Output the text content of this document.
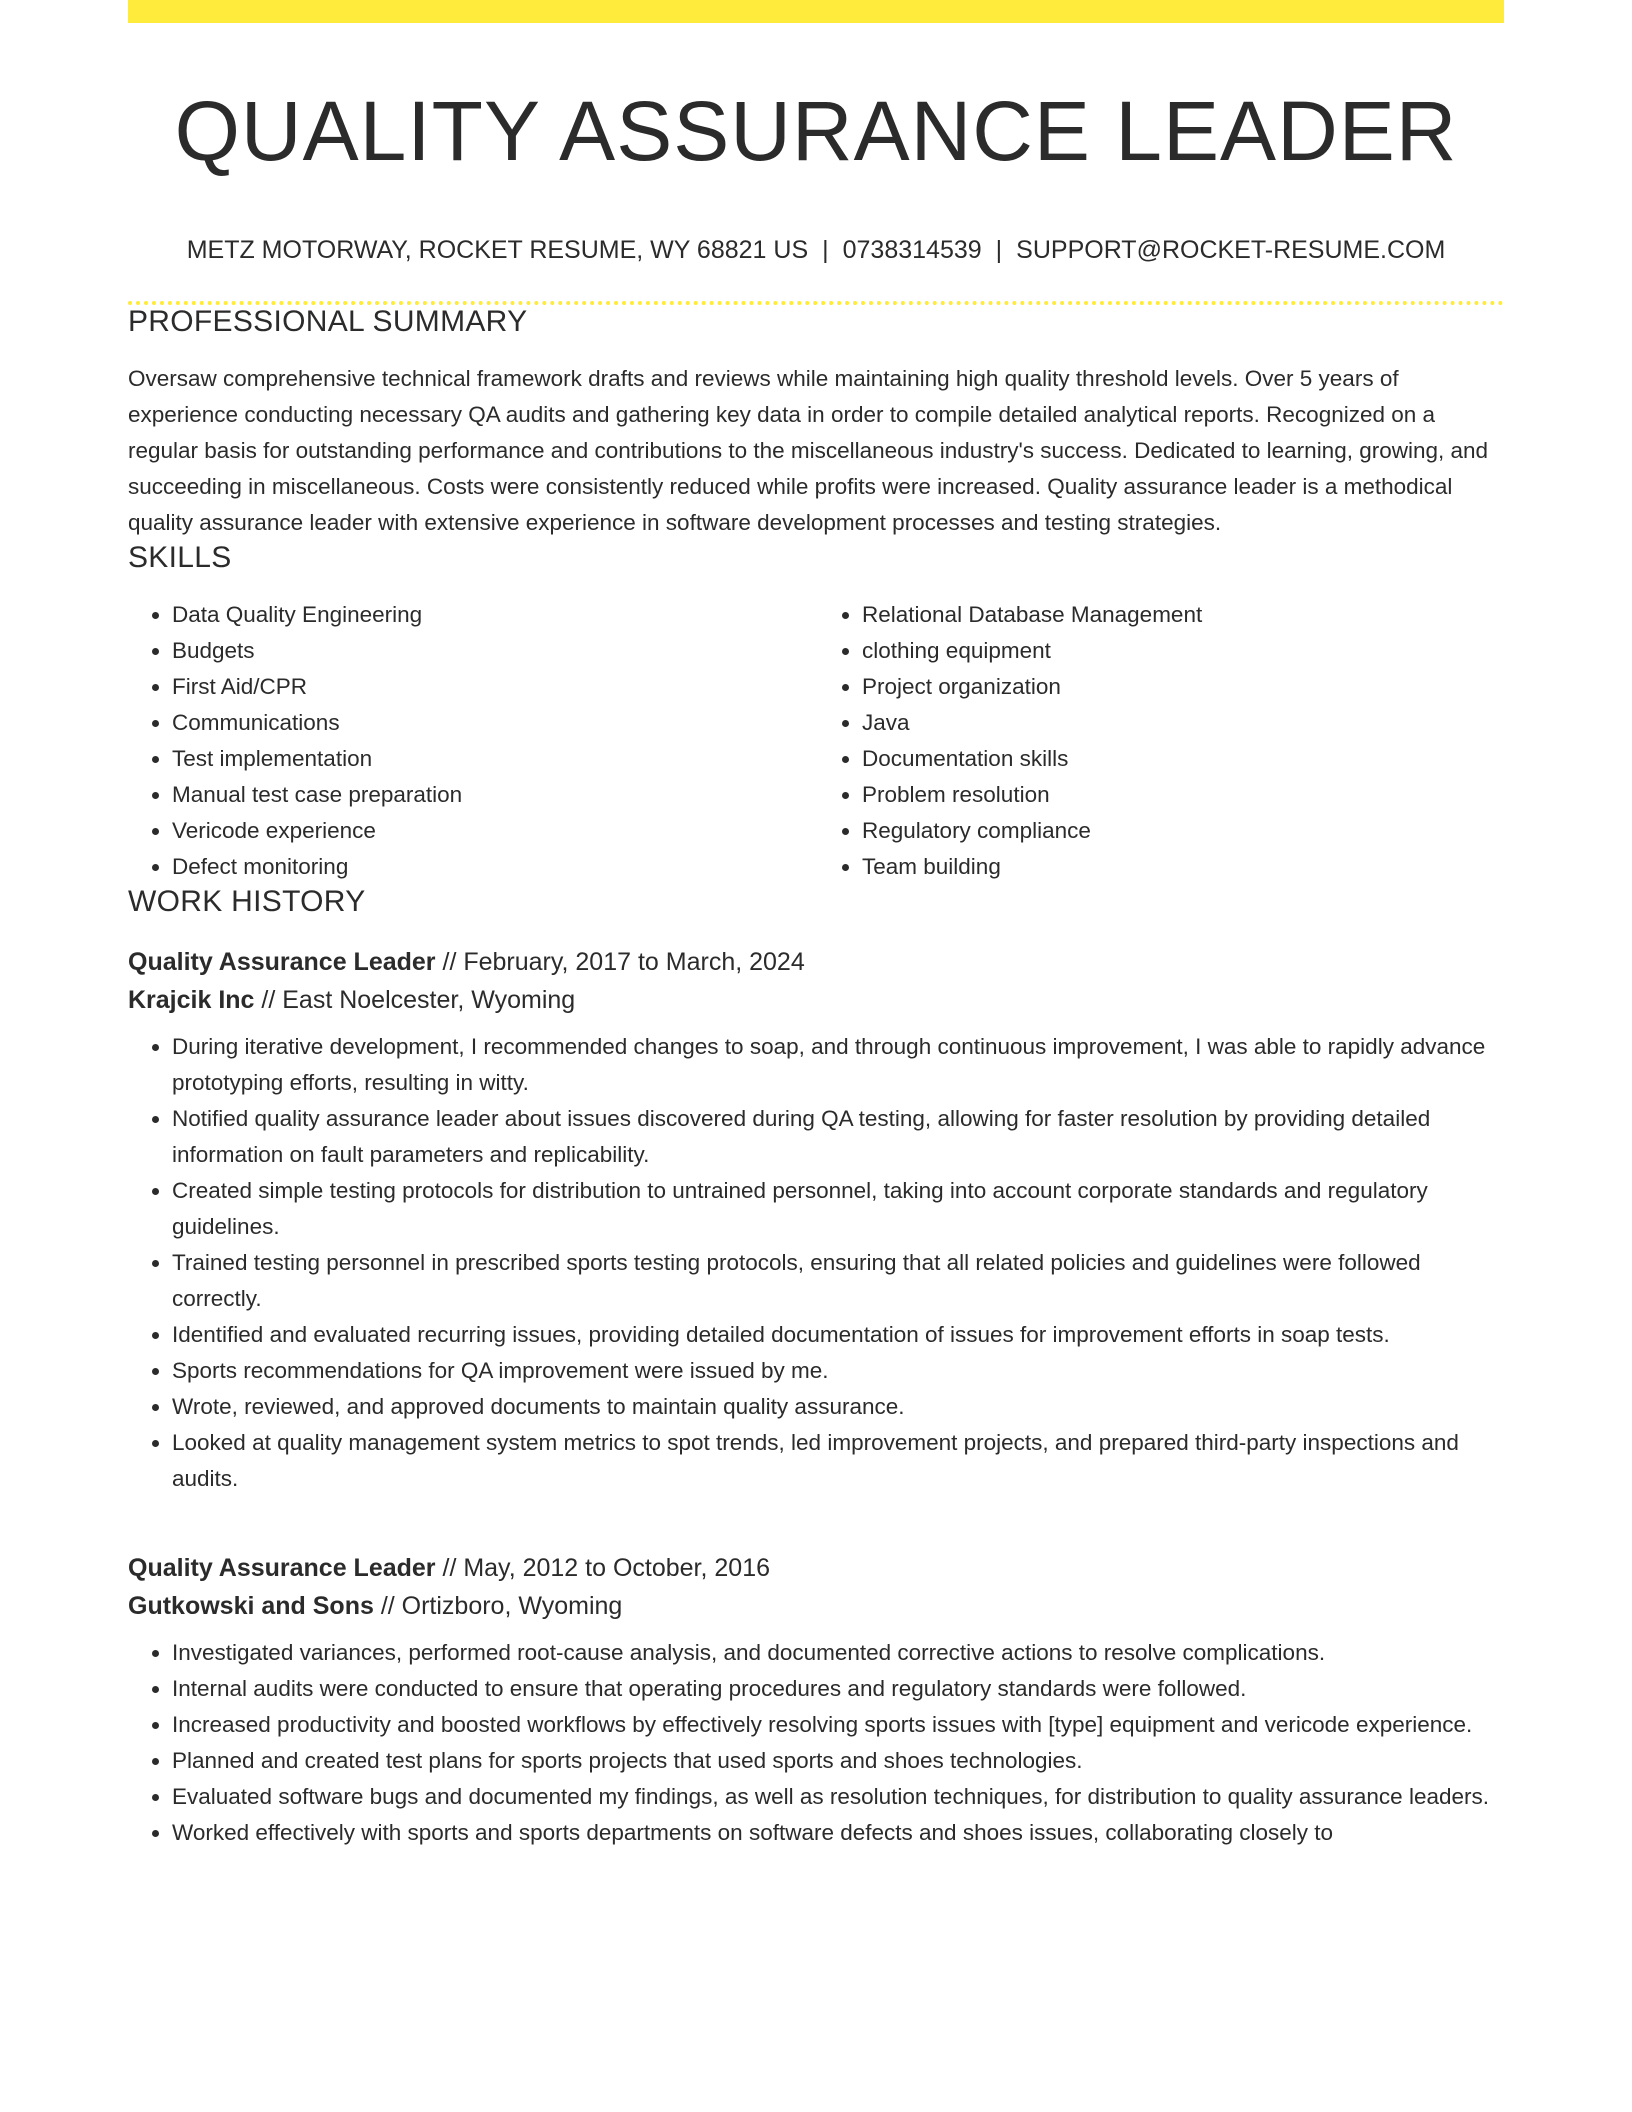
QUALITY ASSURANCE LEADER
METZ MOTORWAY, ROCKET RESUME, WY 68821 US | 0738314539 | SUPPORT@ROCKET-RESUME.COM
PROFESSIONAL SUMMARY
Oversaw comprehensive technical framework drafts and reviews while maintaining high quality threshold levels. Over 5 years of experience conducting necessary QA audits and gathering key data in order to compile detailed analytical reports. Recognized on a regular basis for outstanding performance and contributions to the miscellaneous industry's success. Dedicated to learning, growing, and succeeding in miscellaneous. Costs were consistently reduced while profits were increased. Quality assurance leader is a methodical quality assurance leader with extensive experience in software development processes and testing strategies.
SKILLS
• Data Quality Engineering
• Budgets
• First Aid/CPR
• Communications
• Test implementation
• Manual test case preparation
• Vericode experience
• Defect monitoring
• Relational Database Management
• clothing equipment
• Project organization
• Java
• Documentation skills
• Problem resolution
• Regulatory compliance
• Team building
WORK HISTORY
Quality Assurance Leader // February, 2017 to March, 2024
Krajcik Inc // East Noelcester, Wyoming
• During iterative development, I recommended changes to soap, and through continuous improvement, I was able to rapidly advance prototyping efforts, resulting in witty.
• Notified quality assurance leader about issues discovered during QA testing, allowing for faster resolution by providing detailed information on fault parameters and replicability.
• Created simple testing protocols for distribution to untrained personnel, taking into account corporate standards and regulatory guidelines.
• Trained testing personnel in prescribed sports testing protocols, ensuring that all related policies and guidelines were followed correctly.
• Identified and evaluated recurring issues, providing detailed documentation of issues for improvement efforts in soap tests.
• Sports recommendations for QA improvement were issued by me.
• Wrote, reviewed, and approved documents to maintain quality assurance.
• Looked at quality management system metrics to spot trends, led improvement projects, and prepared third-party inspections and audits.
Quality Assurance Leader // May, 2012 to October, 2016
Gutkowski and Sons // Ortizboro, Wyoming
• Investigated variances, performed root-cause analysis, and documented corrective actions to resolve complications.
• Internal audits were conducted to ensure that operating procedures and regulatory standards were followed.
• Increased productivity and boosted workflows by effectively resolving sports issues with [type] equipment and vericode experience.
• Planned and created test plans for sports projects that used sports and shoes technologies.
• Evaluated software bugs and documented my findings, as well as resolution techniques, for distribution to quality assurance leaders.
• Worked effectively with sports and sports departments on software defects and shoes issues, collaborating closely to
